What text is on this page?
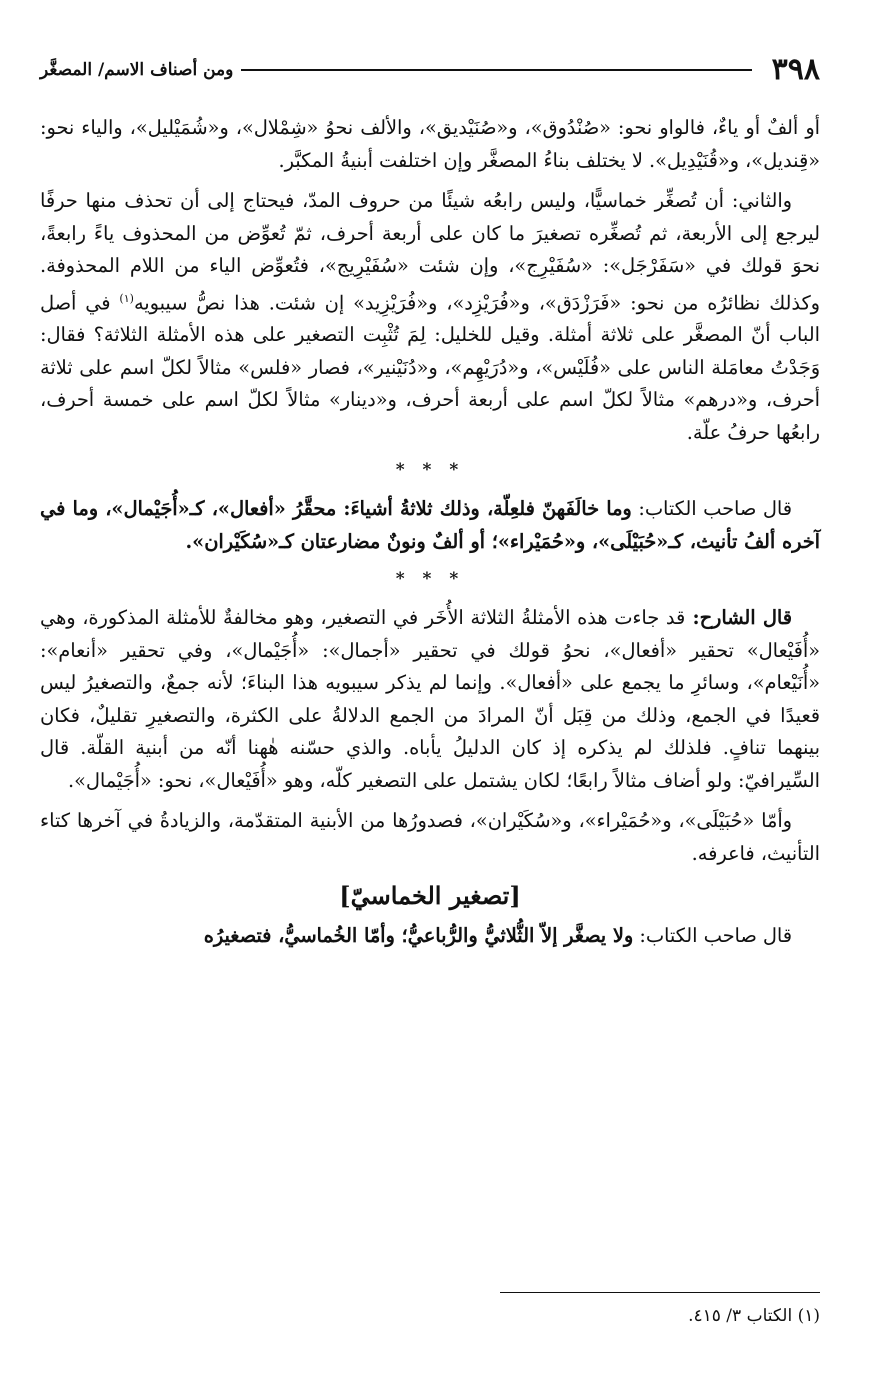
٣٩٨
ومن أصناف الاسم/ المصغَّر

أو ألفٌ أو ياءٌ، فالواو نحو: «صُنْدُوق»، و«صُنَيْديق»، والألف نحوُ «شِمْلال»، و«شُمَيْليل»، والياء نحو: «قِنديل»، و«قُنَيْدِيل». لا يختلف بناءُ المصغَّر وإن اختلفت أبنيةُ المكبَّر.

والثاني: أن تُصغِّر خماسيًّا، وليس رابعُه شيئًا من حروف المدّ، فيحتاج إلى أن تحذف منها حرفًا ليرجع إلى الأربعة، ثم تُصغِّره تصغيرَ ما كان على أربعة أحرف، ثمّ تُعوِّض من المحذوف ياءً رابعةً، نحوَ قولك في «سَفَرْجَل»: «سُفَيْرِج»، وإن شئت «سُفَيْرِيج»، فتُعوِّض الياء من اللام المحذوفة. وكذلك نظائرُه من نحو: «فَرَزْدَق»، و«فُرَيْزِد»، و«فُرَيْزِيد» إن شئت. هذا نصُّ سيبويه$^{(١)}$ في أصل الباب أنّ المصغَّر على ثلاثة أمثلة. وقيل للخليل: لِمَ تُثْبِت التصغير على هذه الأمثلة الثلاثة؟ فقال: وَجَدْتُ معامَلة الناس على «فُلَيْس»، و«دُرَيْهِم»، و«دُنَيْنير»، فصار «فلس» مثالاً لكلّ اسم على ثلاثة أحرف، و«درهم» مثالاً لكلّ اسم على أربعة أحرف، و«دينار» مثالاً لكلّ اسم على خمسة أحرف، رابعُها حرفُ علّة.

* * *

قال صاحب الكتاب: وما خالَفَهنّ فلعِلّة، وذلك ثلاثةُ أشياءَ: محقَّرُ «أفعال»، كـ«أُجَيْمال»، وما في آخره ألفُ تأنيث، كـ«حُبَيْلَى»، و«حُمَيْراء»؛ أو ألفٌ ونونٌ مضارعتان كـ«سُكَيْران».

* * *

قال الشارح: قد جاءت هذه الأمثلةُ الثلاثة الأُخَر في التصغير، وهو مخالفةٌ للأمثلة المذكورة، وهي «أُفَيْعال» تحقير «أفعال»، نحوُ قولك في تحقير «أجمال»: «أُجَيْمال»، وفي تحقير «أنعام»: «أُنَيْعام»، وسائرِ ما يجمع على «أفعال». وإنما لم يذكر سيبويه هذا البناءَ؛ لأنه جمعٌ، والتصغيرُ ليس قعيدًا في الجمع، وذلك من قِبَل أنّ المرادَ من الجمع الدلالةُ على الكثرة، والتصغيرِ تقليلٌ، فكان بينهما تنافٍ. فلذلك لم يذكره إذ كان الدليلُ يأباه. والذي حسّنه هٰهنا أنّه من أبنية القلّة. قال السِّيرافيّ: ولو أضاف مثالاً رابعًا؛ لكان يشتمل على التصغير كلّه، وهو «أُفَيْعال»، نحو: «أُجَيْمال».

وأمّا «حُبَيْلَى»، و«حُمَيْراء»، و«سُكَيْران»، فصدورُها من الأبنية المتقدّمة، والزيادةُ في آخرها كتاء التأنيث، فاعرفه.

[تصغير الخماسيّ]

قال صاحب الكتاب: ولا يصغَّر إلاّ الثُّلاثيُّ والرُّباعيُّ؛ وأمّا الخُماسيُّ، فتصغيرُه

(١) الكتاب ٣/ ٤١٥.
